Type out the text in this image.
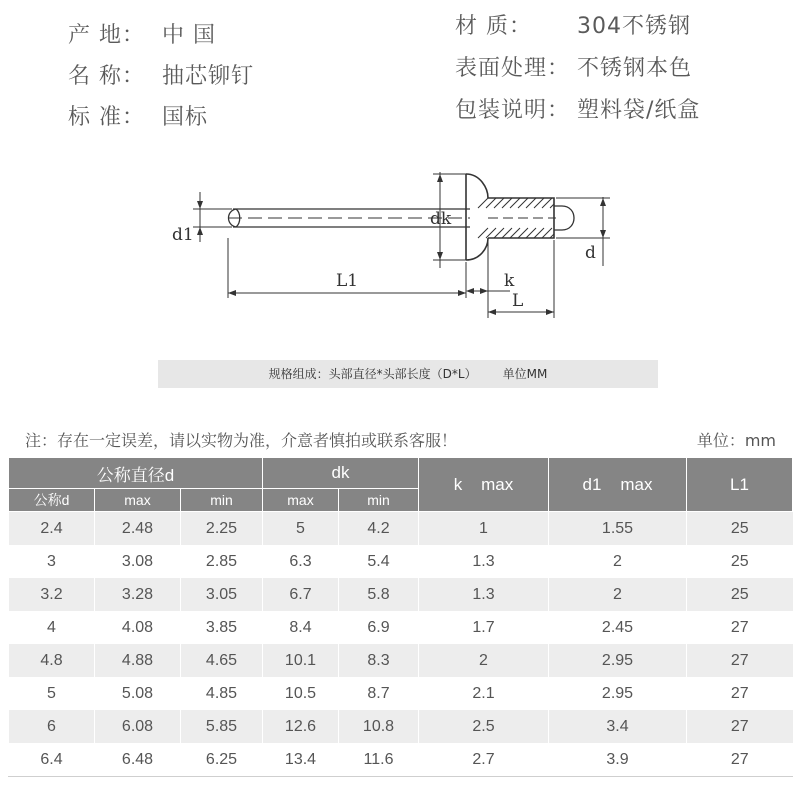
产 地： 中 国
名 称： 抽芯铆钉
标 准： 国标
材 质： 304不锈钢
表面处理： 不锈钢本色
包装说明： 塑料袋/纸盒
d1
dk
d
L1	k
L
规格组成：头部直径*头部长度（D*L） 单位MM
注：存在一定误差，请以实物为准，介意者慎拍或联系客服！	单位：mm
公称直径d			dk		k    max	d1    max	L1
公称d	max	min	max	min			
2.4	2.48	2.25	5	4.2	1	1.55	25
3	3.08	2.85	6.3	5.4	1.3	2	25
3.2	3.28	3.05	6.7	5.8	1.3	2	25
4	4.08	3.85	8.4	6.9	1.7	2.45	27
4.8	4.88	4.65	10.1	8.3	2	2.95	27
5	5.08	4.85	10.5	8.7	2.1	2.95	27
6	6.08	5.85	12.6	10.8	2.5	3.4	27
6.4	6.48	6.25	13.4	11.6	2.7	3.9	27
